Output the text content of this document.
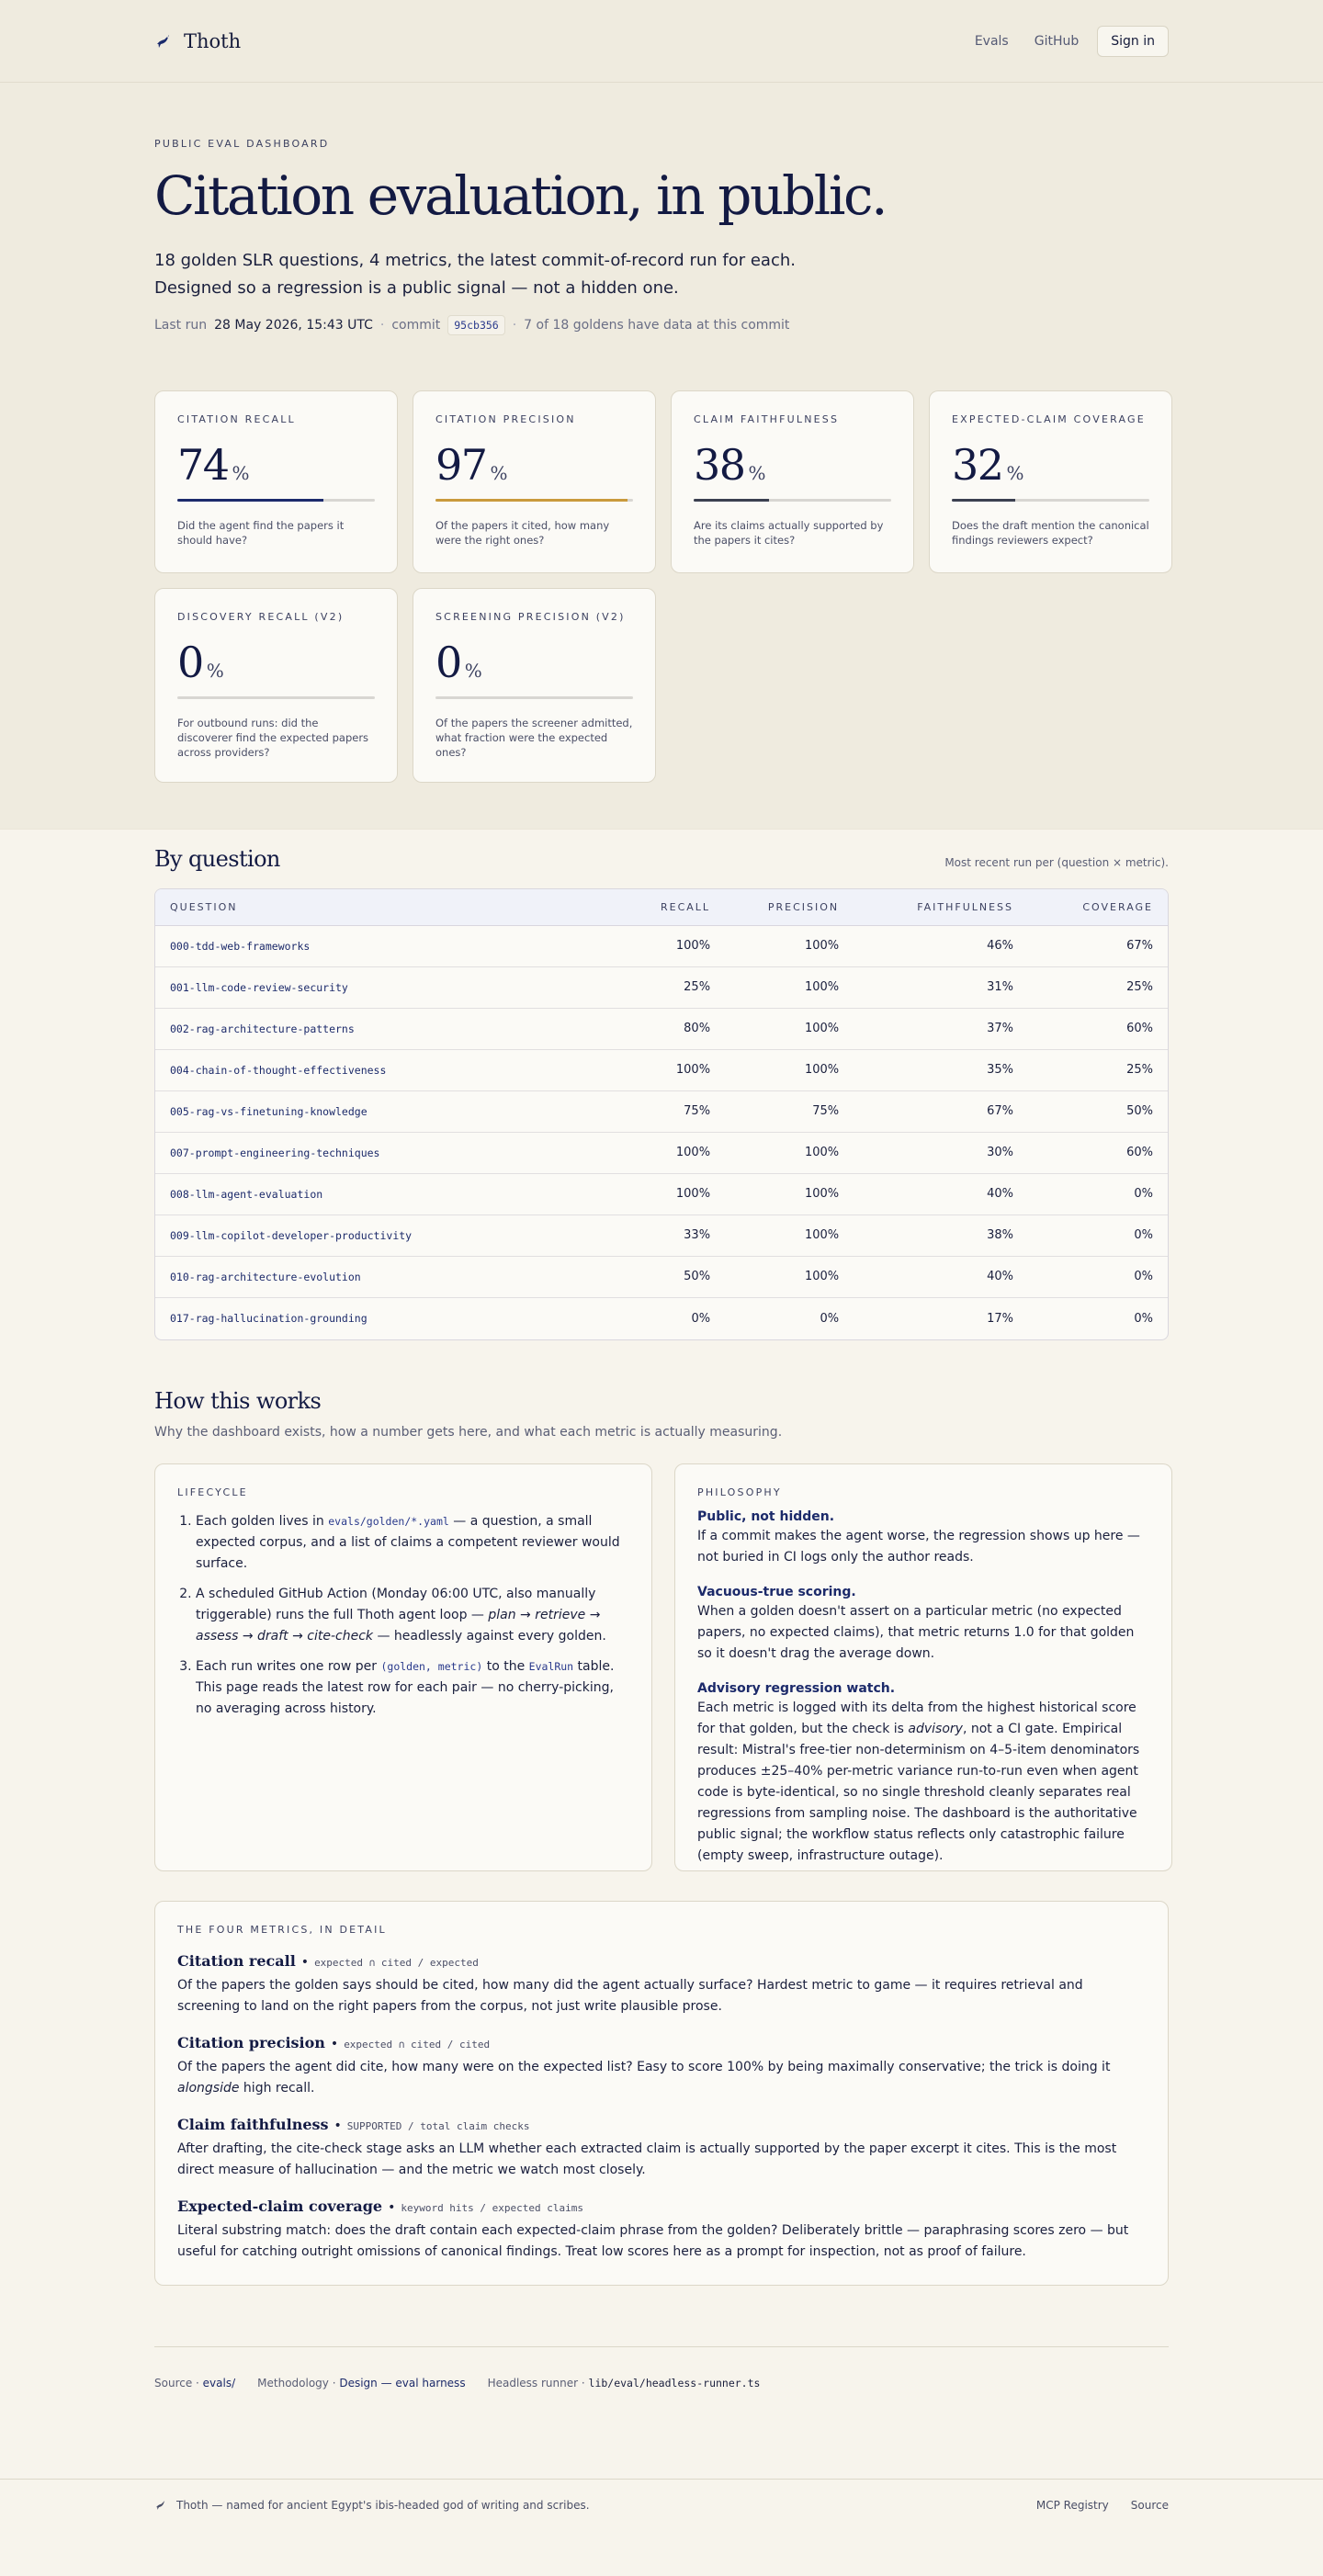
Thoth	Evals	GitHub	Sign in
PUBLIC EVAL DASHBOARD
Citation evaluation, in public.
18 golden SLR questions, 4 metrics, the latest commit-of-record run for each.
Designed so a regression is a public signal — not a hidden one.
Last run 28 May 2026, 15:43 UTC · commit	95cb356	· 7 of 18 goldens have data at this commit
CITATION RECALL
74 %
Did the agent find the papers it should have?
CITATION PRECISION
97 %
Of the papers it cited, how many were the right ones?
CLAIM FAITHFULNESS
38 %
Are its claims actually supported by the papers it cites?
EXPECTED-CLAIM COVERAGE
32 %
Does the draft mention the canonical findings reviewers expect?
DISCOVERY RECALL (V2)
0 %
For outbound runs: did the discoverer find the expected papers across providers?
SCREENING PRECISION (V2)
0 %
Of the papers the screener admitted, what fraction were the expected ones?
By question	Most recent run per (question × metric).
QUESTION	RECALL	PRECISION	FAITHFULNESS	COVERAGE
000-tdd-web-frameworks	100%	100%	46%	67%
001-llm-code-review-security	25%	100%	31%	25%
002-rag-architecture-patterns	80%	100%	37%	60%
004-chain-of-thought-effectiveness	100%	100%	35%	25%
005-rag-vs-finetuning-knowledge	75%	75%	67%	50%
007-prompt-engineering-techniques	100%	100%	30%	60%
008-llm-agent-evaluation	100%	100%	40%	0%
009-llm-copilot-developer-productivity	33%	100%	38%	0%
010-rag-architecture-evolution	50%	100%	40%	0%
017-rag-hallucination-grounding	0%	0%	17%	0%
How this works
Why the dashboard exists, how a number gets here, and what each metric is actually measuring.
LIFECYCLE
1. Each golden lives in evals/golden/*.yaml — a question, a small expected corpus, and a list of claims a competent reviewer would surface.
2. A scheduled GitHub Action (Monday 06:00 UTC, also manually triggerable) runs the full Thoth agent loop — plan → retrieve → assess → draft → cite-check — headlessly against every golden.
3. Each run writes one row per (golden, metric) to the EvalRun table. This page reads the latest row for each pair — no cherry-picking, no averaging across history.
PHILOSOPHY
Public, not hidden.
If a commit makes the agent worse, the regression shows up here — not buried in CI logs only the author reads.
Vacuous-true scoring.
When a golden doesn't assert on a particular metric (no expected papers, no expected claims), that metric returns 1.0 for that golden so it doesn't drag the average down.
Advisory regression watch.
Each metric is logged with its delta from the highest historical score for that golden, but the check is advisory, not a CI gate. Empirical result: Mistral's free-tier non-determinism on 4–5-item denominators produces ±25–40% per-metric variance run-to-run even when agent code is byte-identical, so no single threshold cleanly separates real regressions from sampling noise. The dashboard is the authoritative public signal; the workflow status reflects only catastrophic failure (empty sweep, infrastructure outage).
THE FOUR METRICS, IN DETAIL
Citation recall • expected ∩ cited / expected
Of the papers the golden says should be cited, how many did the agent actually surface? Hardest metric to game — it requires retrieval and screening to land on the right papers from the corpus, not just write plausible prose.
Citation precision • expected ∩ cited / cited
Of the papers the agent did cite, how many were on the expected list? Easy to score 100% by being maximally conservative; the trick is doing it alongside high recall.
Claim faithfulness • SUPPORTED / total claim checks
After drafting, the cite-check stage asks an LLM whether each extracted claim is actually supported by the paper excerpt it cites. This is the most direct measure of hallucination — and the metric we watch most closely.
Expected-claim coverage • keyword hits / expected claims
Literal substring match: does the draft contain each expected-claim phrase from the golden? Deliberately brittle — paraphrasing scores zero — but useful for catching outright omissions of canonical findings. Treat low scores here as a prompt for inspection, not as proof of failure.
Source · evals/ Methodology · Design — eval harness Headless runner · lib/eval/headless-runner.ts
Thoth — named for ancient Egypt's ibis-headed god of writing and scribes.	MCP Registry Source
